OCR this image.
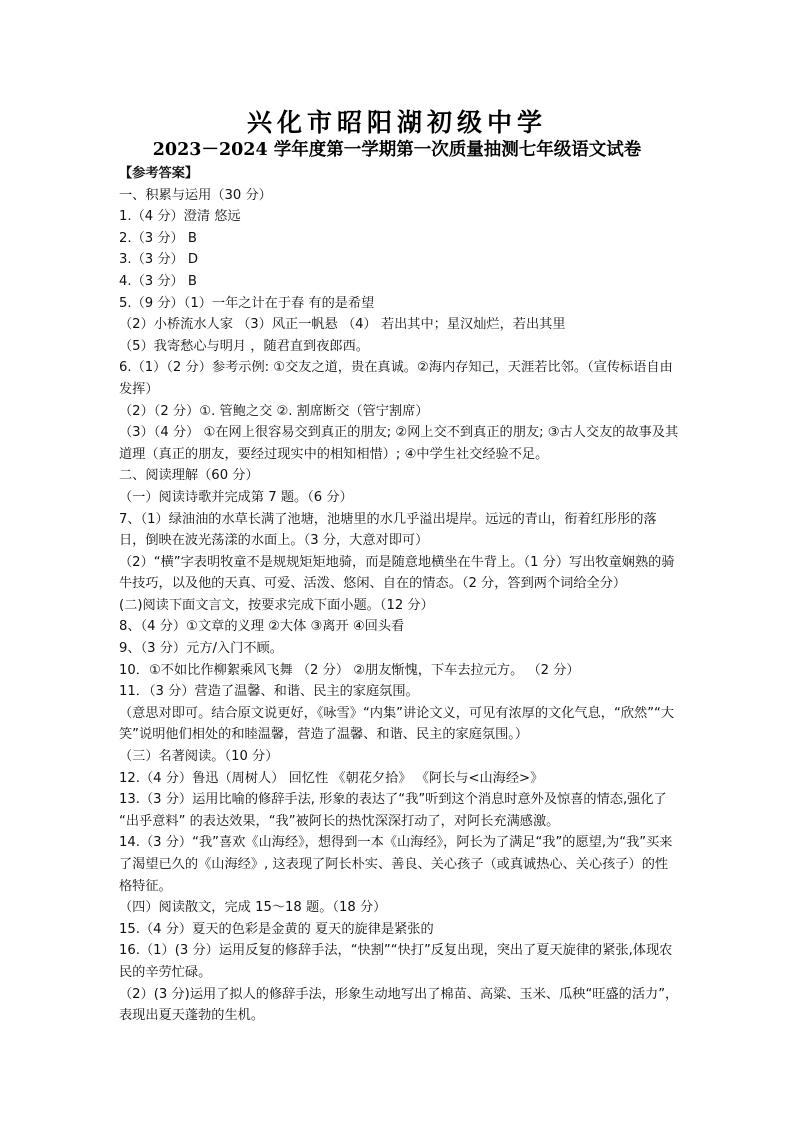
兴化市昭阳湖初级中学
2023－2024 学年度第一学期第一次质量抽测七年级语文试卷
【参考答案】
一、积累与运用（30 分）
1.（4 分）澄清 悠远
2.（3 分） B
3.（3 分） D
4.（3 分） B
5.（9 分）（1）一年之计在于春 有的是希望
（2）小桥流水人家 （3）风正一帆悬 （4） 若出其中；星汉灿烂，若出其里
（5）我寄愁心与明月 ，随君直到夜郎西。
6.（1）（2 分）参考示例: ①交友之道，贵在真诚。②海内存知己，天涯若比邻。（宣传标语自由发挥）
（2）（2 分）①. 管鲍之交 ②. 割席断交（管宁割席）
（3）（4 分） ①在网上很容易交到真正的朋友; ②网上交不到真正的朋友; ③古人交友的故事及其道理（真正的朋友，要经过现实中的相知相惜）; ④中学生社交经验不足。
二、阅读理解（60 分）
（一）阅读诗歌并完成第 7 题。（6 分）
7、（1）绿油油的水草长满了池塘，池塘里的水几乎溢出堤岸。远远的青山，衔着红彤彤的落日，倒映在波光荡漾的水面上。（3 分，大意对即可）
（2）“横”字表明牧童不是规规矩矩地骑，而是随意地横坐在牛背上。（1 分）写出牧童娴熟的骑牛技巧，以及他的天真、可爱、活泼、悠闲、自在的情态。（2 分，答到两个词给全分）
(二)阅读下面文言文，按要求完成下面小题。（12 分）
8、（4 分）①文章的义理 ②大体 ③离开 ④回头看
9、（3 分）元方/入门不顾。
10．①不如比作柳絮乘风飞舞 （2 分） ②朋友惭愧，下车去拉元方。 （2 分）
11．（3 分）营造了温馨、和谐、民主的家庭氛围。
（意思对即可。结合原文说更好，《咏雪》“内集”讲论文义，可见有浓厚的文化气息，“欣然”“大笑”说明他们相处的和睦温馨，营造了温馨、和谐、民主的家庭氛围。）
（三）名著阅读。（10 分）
12.（4 分）鲁迅（周树人） 回忆性 《朝花夕拾》 《阿长与<山海经>》
13.（3 分）运用比喻的修辞手法, 形象的表达了“我”听到这个消息时意外及惊喜的情态,强化了 “出乎意料” 的表达效果，“我”被阿长的热忱深深打动了，对阿长充满感激。
14.（3 分）“我”喜欢《山海经》，想得到一本《山海经》，阿长为了满足“我”的愿望,为“我”买来了渴望已久的《山海经》, 这表现了阿长朴实、善良、关心孩子（或真诚热心、关心孩子）的性格特征。
（四）阅读散文，完成 15～18 题。（18 分）
15.（4 分）夏天的色彩是金黄的 夏天的旋律是紧张的
16.（1）(3 分）运用反复的修辞手法，“快割”“快打”反复出现，突出了夏天旋律的紧张,体现农民的辛劳忙碌。
（2）(3 分)运用了拟人的修辞手法，形象生动地写出了棉苗、高粱、玉米、瓜秧“旺盛的活力”，表现出夏天蓬勃的生机。
